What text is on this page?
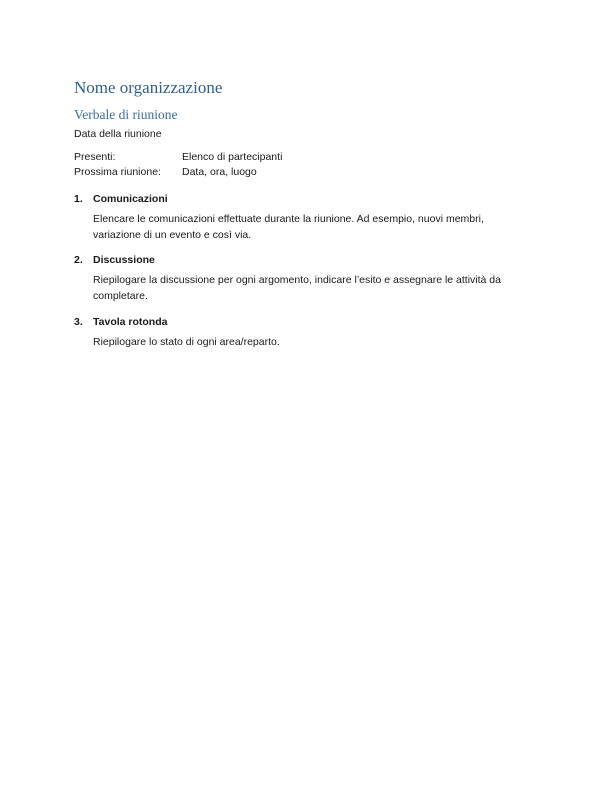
Nome organizzazione
Verbale di riunione
Data della riunione
Presenti:	Elenco di partecipanti
Prossima riunione: Data, ora, luogo
1. Comunicazioni
Elencare le comunicazioni effettuate durante la riunione. Ad esempio, nuovi membri, variazione di un evento e così via.
2. Discussione
Riepilogare la discussione per ogni argomento, indicare l’esito e assegnare le attività da completare.
3. Tavola rotonda
Riepilogare lo stato di ogni area/reparto.
